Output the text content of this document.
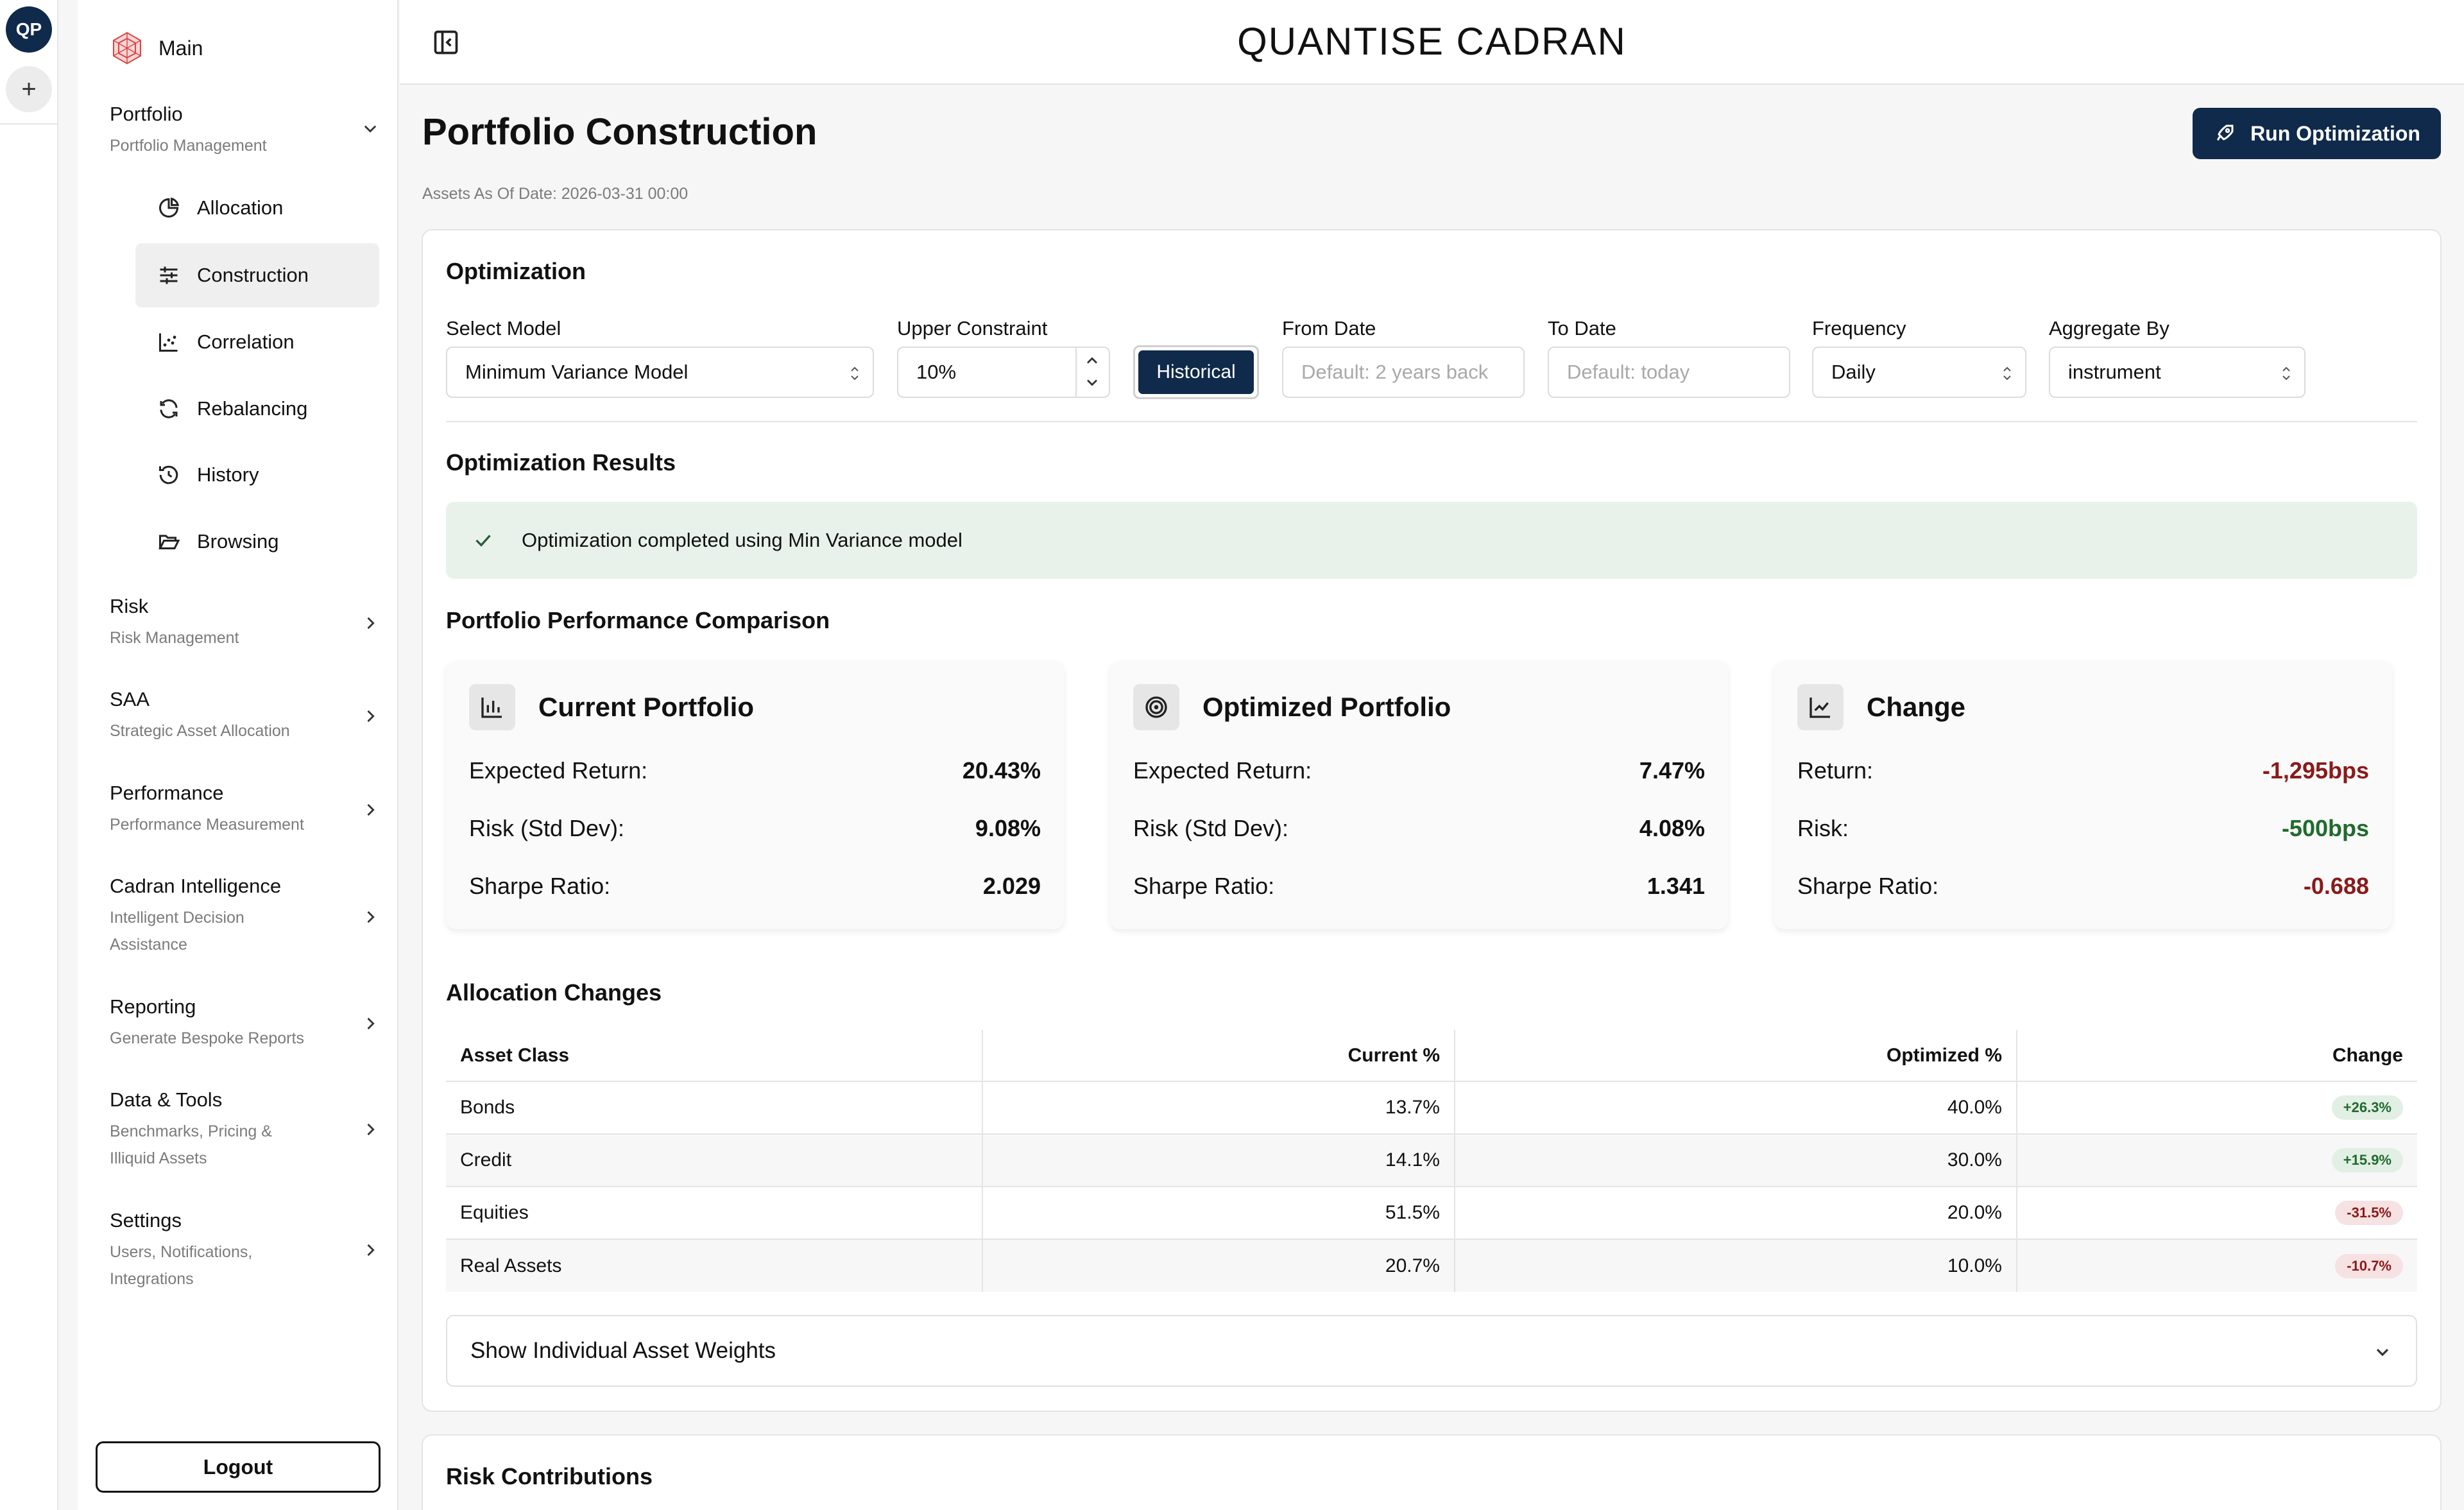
QP
+
Main
Portfolio
Portfolio Management
Allocation
Construction
Correlation
Rebalancing
History
Browsing
Risk
Risk Management
SAA
Strategic Asset Allocation
Performance
Performance Measurement
Cadran Intelligence
Intelligent Decision Assistance
Reporting
Generate Bespoke Reports
Data & Tools
Benchmarks, Pricing & Illiquid Assets
Settings
Users, Notifications, Integrations
Logout
QUANTISE CADRAN
Portfolio Construction
Assets As Of Date: 2026-03-31 00:00
Run Optimization
Optimization
Select Model
Minimum Variance Model
Upper Constraint
10%	Historical
From Date
Default: 2 years back
To Date
Default: today
Frequency
Daily
Aggregate By
instrument
Optimization Results
Optimization completed using Min Variance model
Portfolio Performance Comparison
Current Portfolio
Expected Return:	20.43%
Risk (Std Dev):	9.08%
Sharpe Ratio:	2.029
Optimized Portfolio
Expected Return:	7.47%
Risk (Std Dev):	4.08%
Sharpe Ratio:	1.341
Change
Return:	-1,295bps
Risk:	-500bps
Sharpe Ratio:	-0.688
Allocation Changes
Asset Class	Current %	Optimized %	Change
Bonds	13.7%	40.0%	+26.3%
Credit	14.1%	30.0%	+15.9%
Equities	51.5%	20.0%	-31.5%
Real Assets	20.7%	10.0%	-10.7%
Show Individual Asset Weights
Risk Contributions
